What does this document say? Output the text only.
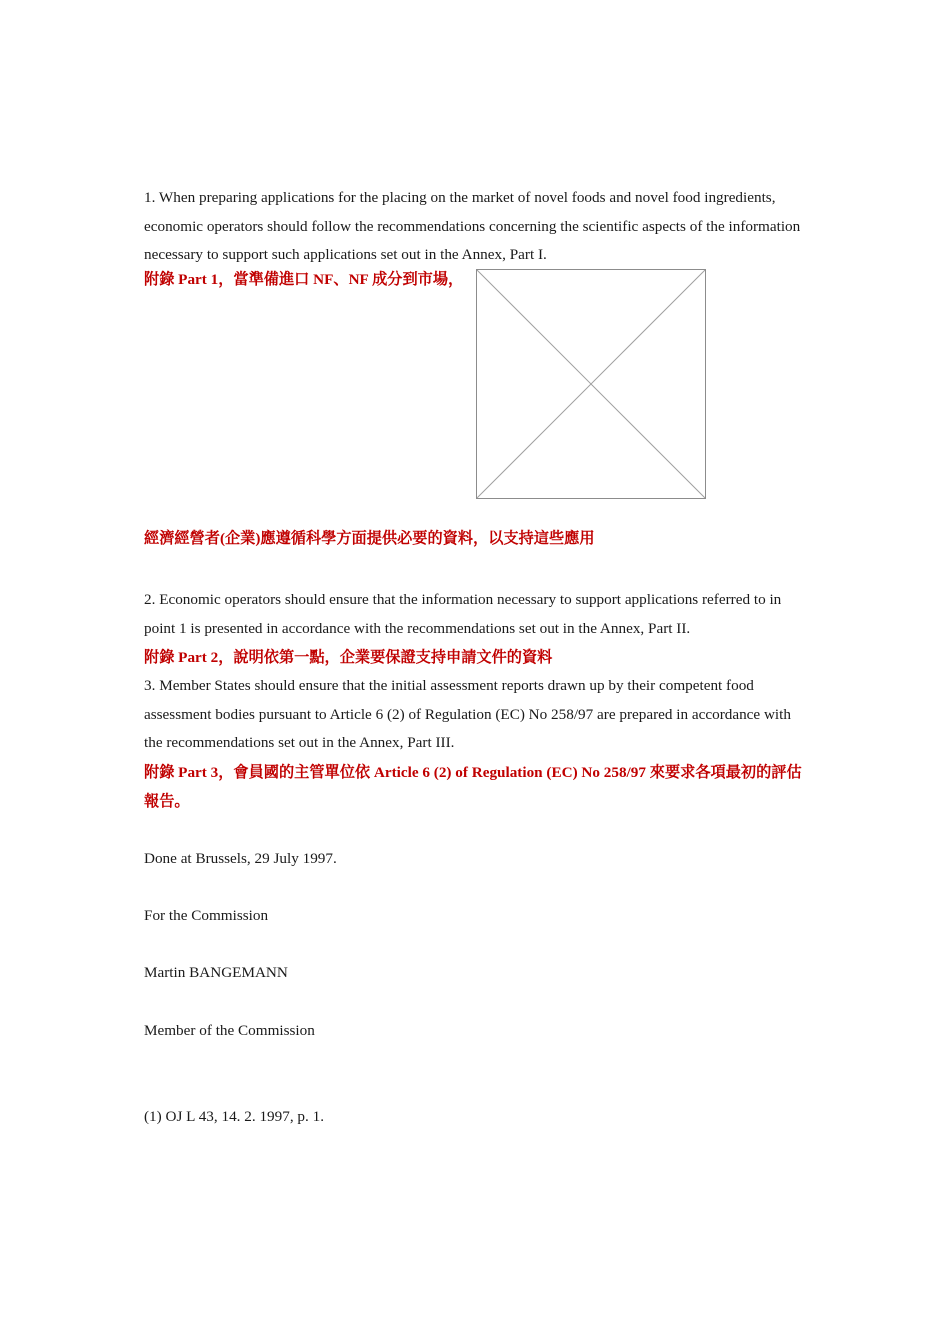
1. When preparing applications for the placing on the market of novel foods and novel food ingredients, economic operators should follow the recommendations concerning the scientific aspects of the information necessary to support such applications set out in the Annex, Part I.

附錄 Part 1，當準備進口 NF、NF 成分到市場，

經濟經營者(企業)應遵循科學方面提供必要的資料，以支持這些應用

2. Economic operators should ensure that the information necessary to support applications referred to in point 1 is presented in accordance with the recommendations set out in the Annex, Part II.

附錄 Part 2，說明依第一點，企業要保證支持申請文件的資料

3. Member States should ensure that the initial assessment reports drawn up by their competent food assessment bodies pursuant to Article 6 (2) of Regulation (EC) No 258/97 are prepared in accordance with the recommendations set out in the Annex, Part III.

附錄 Part 3，會員國的主管單位依 Article 6 (2) of Regulation (EC) No 258/97 來要求各項最初的評估報告。

Done at Brussels, 29 July 1997.

For the Commission

Martin BANGEMANN

Member of the Commission

(1) OJ L 43, 14. 2. 1997, p. 1.
